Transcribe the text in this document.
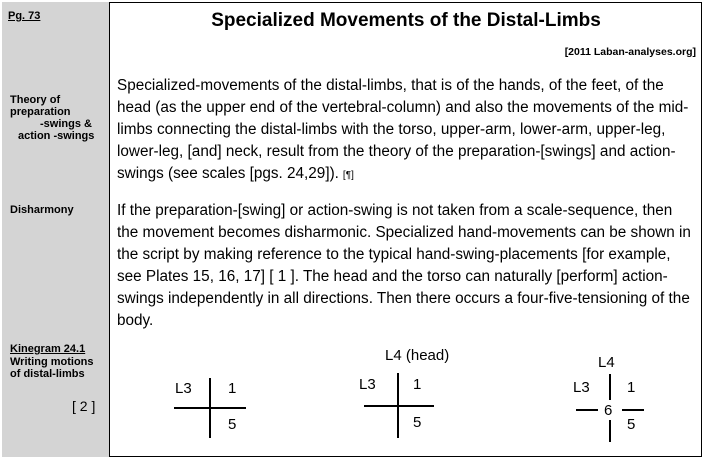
Pg. 73
Theory of
preparation
-swings &
action -swings
Disharmony
Kinegram 24.1
Writing motions
of distal-limbs
[ 2 ]
Specialized Movements of the Distal-Limbs
[2011 Laban-analyses.org]
Specialized-movements of the distal-limbs, that is of the hands, of the feet, of the head (as the upper end of the vertebral-column) and also the movements of the mid-limbs connecting the distal-limbs with the torso, upper-arm, lower-arm, upper-leg, lower-leg, [and] neck, result from the theory of the preparation-[swings] and action-swings (see scales [pgs. 24,29]). [¶]
If the preparation-[swing] or action-swing is not taken from a scale-sequence, then the movement becomes disharmonic. Specialized hand-movements can be shown in the script by making reference to the typical hand-swing-placements [for example, see Plates 15, 16, 17] [ 1 ]. The head and the torso can naturally [perform] action-swings independently in all directions. Then there occurs a four-five-tensioning of the body.
L3 1
5
L4 (head)
L3 1
5
L4
L3 1
6
5
